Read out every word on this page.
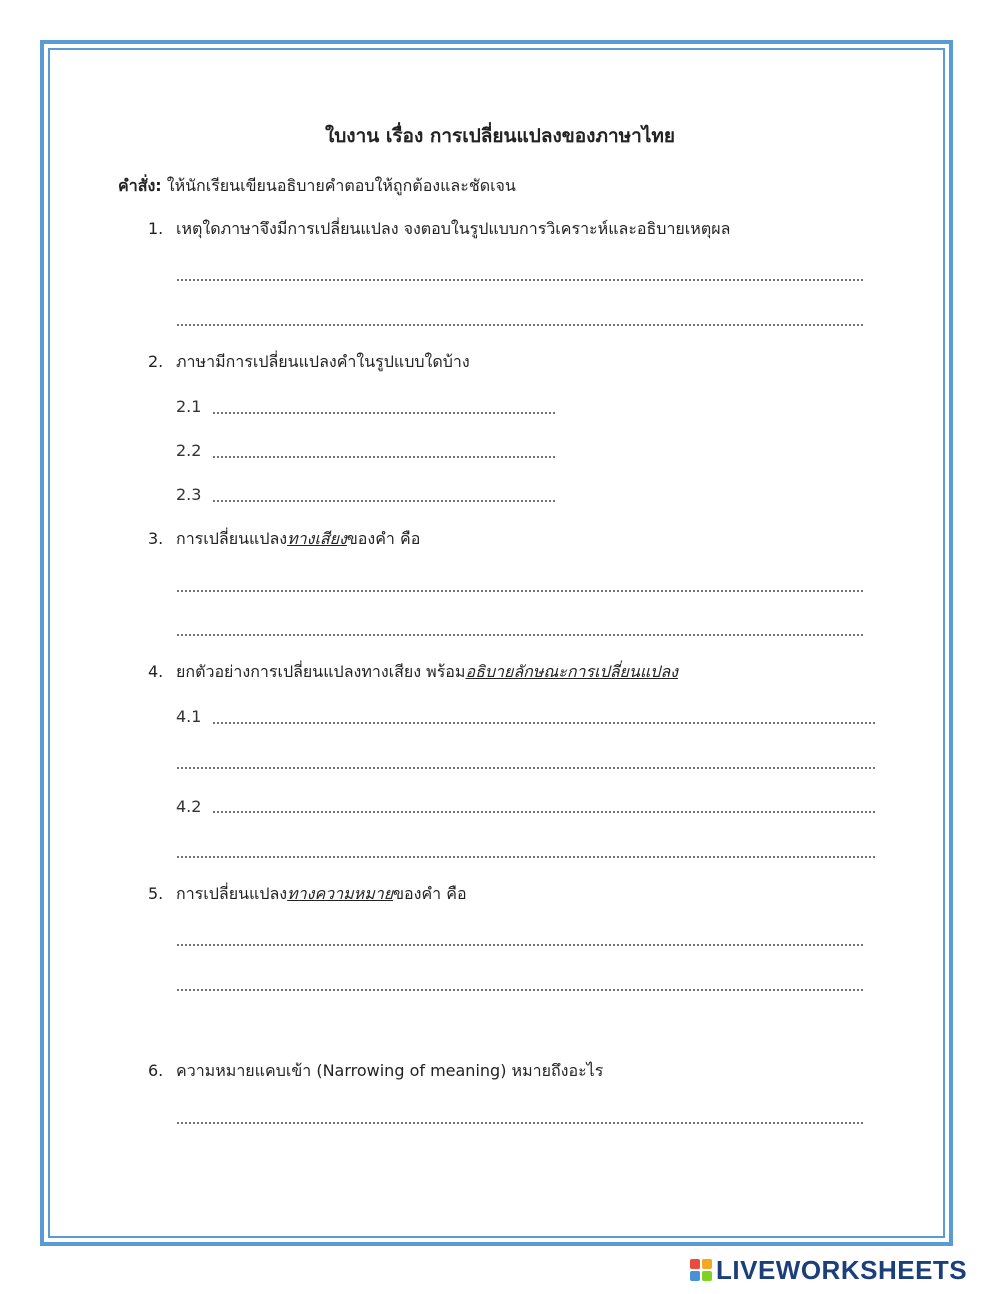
ใบงาน เรื่อง การเปลี่ยนแปลงของภาษาไทย
คำสั่ง: ให้นักเรียนเขียนอธิบายคำตอบให้ถูกต้องและชัดเจน
1. เหตุใดภาษาจึงมีการเปลี่ยนแปลง จงตอบในรูปแบบการวิเคราะห์และอธิบายเหตุผล
2. ภาษามีการเปลี่ยนแปลงคำในรูปแบบใดบ้าง
2.1
2.2
2.3
3. การเปลี่ยนแปลงทางเสียงของคำ คือ
4. ยกตัวอย่างการเปลี่ยนแปลงทางเสียง พร้อมอธิบายลักษณะการเปลี่ยนแปลง
4.1
4.2
5. การเปลี่ยนแปลงทางความหมายของคำ คือ
6. ความหมายแคบเข้า (Narrowing of meaning) หมายถึงอะไร
LIVEWORKSHEETS
